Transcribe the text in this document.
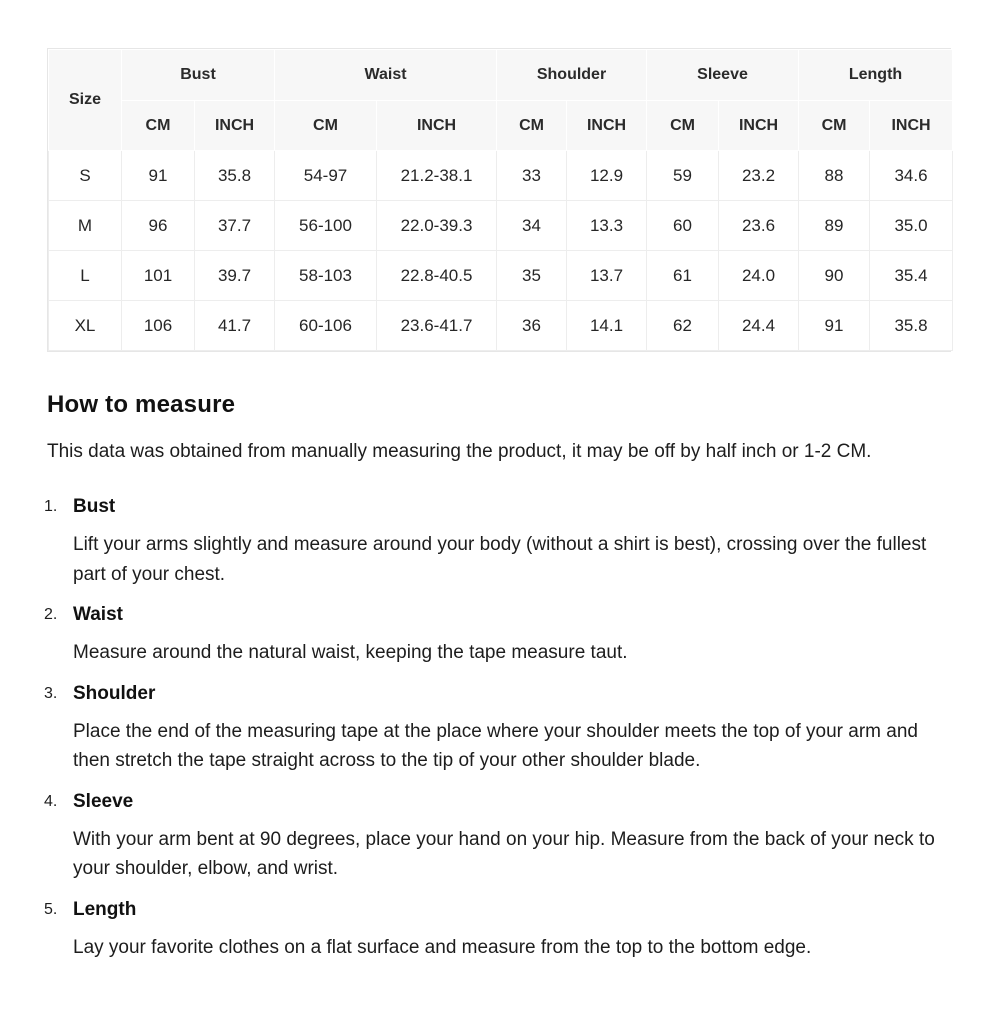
Size	Bust		Waist		Shoulder		Sleeve		Length	
	CM	INCH	CM	INCH	CM	INCH	CM	INCH	CM	INCH
S	91	35.8	54-97	21.2-38.1	33	12.9	59	23.2	88	34.6
M	96	37.7	56-100	22.0-39.3	34	13.3	60	23.6	89	35.0
L	101	39.7	58-103	22.8-40.5	35	13.7	61	24.0	90	35.4
XL	106	41.7	60-106	23.6-41.7	36	14.1	62	24.4	91	35.8
How to measure

This data was obtained from manually measuring the product, it may be off by half inch or 1-2 CM.

1. Bust

Lift your arms slightly and measure around your body (without a shirt is best), crossing over the fullest part of your chest.

2. Waist

Measure around the natural waist, keeping the tape measure taut.

3. Shoulder

Place the end of the measuring tape at the place where your shoulder meets the top of your arm and then stretch the tape straight across to the tip of your other shoulder blade.

4. Sleeve

With your arm bent at 90 degrees, place your hand on your hip. Measure from the back of your neck to your shoulder, elbow, and wrist.

5. Length

Lay your favorite clothes on a flat surface and measure from the top to the bottom edge.
